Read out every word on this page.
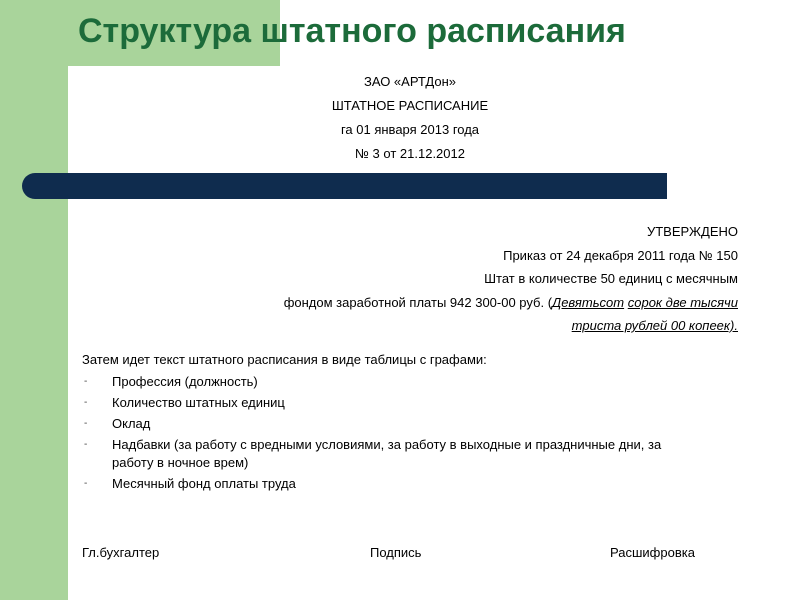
Структура штатного расписания
ЗАО «АРТДон»
ШТАТНОЕ РАСПИСАНИЕ
га 01 января 2013 года
№ 3 от 21.12.2012
УТВЕРЖДЕНО
Приказ от 24 декабря 2011 года № 150
Штат в количестве 50 единиц с месячным
фондом заработной платы 942 300-00 руб. (Девятьсот сорок две тысячи
триста рублей 00 копеек).
Затем идет текст штатного расписания в виде таблицы с графами:
- Профессия (должность)
- Количество штатных единиц
- Оклад
- Надбавки (за работу с вредными условиями, за работу в выходные и праздничные дни, за работу в ночное врем)
- Месячный фонд оплаты труда
Гл.бухгалтер	Подпись	Расшифровка
